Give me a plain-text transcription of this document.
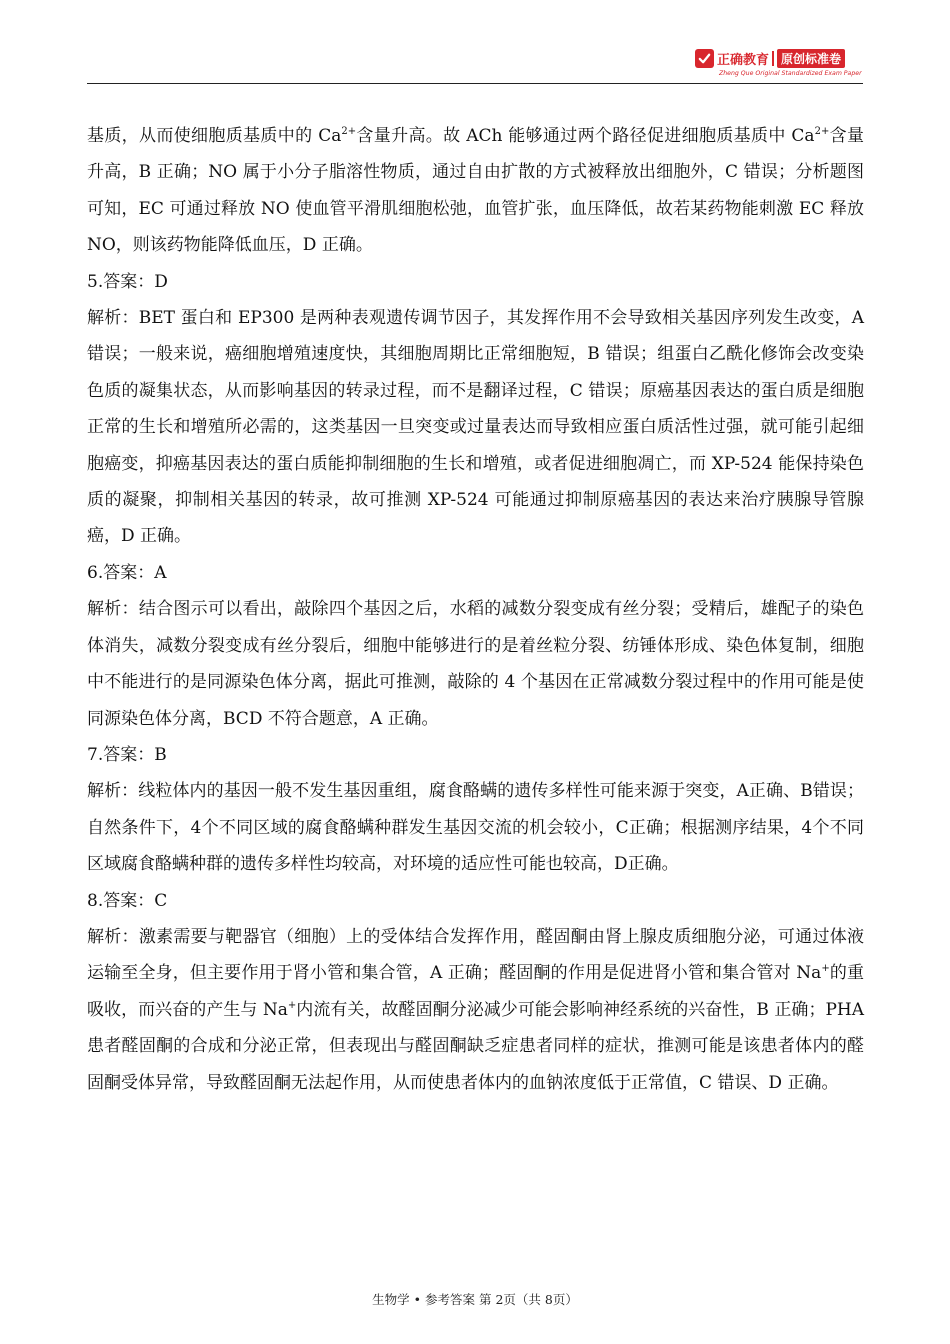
正确教育	原创标准卷
Zheng Que Original Standardized Exam Paper

基质，从而使细胞质基质中的 $Ca^{2+}$含量升高。故 ACh 能够通过两个路径促进细胞质基质中 $Ca^{2+}$含量升高，B 正确；NO 属于小分子脂溶性物质，通过自由扩散的方式被释放出细胞外，C 错误；分析题图可知，EC 可通过释放 NO 使血管平滑肌细胞松弛，血管扩张，血压降低，故若某药物能刺激 EC 释放 NO，则该药物能降低血压，D 正确。

5.答案：D

解析：BET 蛋白和 EP300 是两种表观遗传调节因子，其发挥作用不会导致相关基因序列发生改变，A 错误；一般来说，癌细胞增殖速度快，其细胞周期比正常细胞短，B 错误；组蛋白乙酰化修饰会改变染色质的凝集状态，从而影响基因的转录过程，而不是翻译过程，C 错误；原癌基因表达的蛋白质是细胞正常的生长和增殖所必需的，这类基因一旦突变或过量表达而导致相应蛋白质活性过强，就可能引起细胞癌变，抑癌基因表达的蛋白质能抑制细胞的生长和增殖，或者促进细胞凋亡，而 XP-524 能保持染色质的凝聚，抑制相关基因的转录，故可推测 XP-524 可能通过抑制原癌基因的表达来治疗胰腺导管腺癌，D 正确。

6.答案：A

解析：结合图示可以看出，敲除四个基因之后，水稻的减数分裂变成有丝分裂；受精后，雄配子的染色体消失，减数分裂变成有丝分裂后，细胞中能够进行的是着丝粒分裂、纺锤体形成、染色体复制，细胞中不能进行的是同源染色体分离，据此可推测，敲除的 4 个基因在正常减数分裂过程中的作用可能是使同源染色体分离，BCD 不符合题意，A 正确。

7.答案：B

解析：线粒体内的基因一般不发生基因重组，腐食酪螨的遗传多样性可能来源于突变，A正确、B错误；自然条件下，4个不同区域的腐食酪螨种群发生基因交流的机会较小，C正确；根据测序结果，4个不同区域腐食酪螨种群的遗传多样性均较高，对环境的适应性可能也较高，D正确。

8.答案：C

解析：激素需要与靶器官（细胞）上的受体结合发挥作用，醛固酮由肾上腺皮质细胞分泌，可通过体液运输至全身，但主要作用于肾小管和集合管，A 正确；醛固酮的作用是促进肾小管和集合管对 Na+的重吸收，而兴奋的产生与 Na+内流有关，故醛固酮分泌减少可能会影响神经系统的兴奋性，B 正确；PHA 患者醛固酮的合成和分泌正常，但表现出与醛固酮缺乏症患者同样的症状，推测可能是该患者体内的醛固酮受体异常，导致醛固酮无法起作用，从而使患者体内的血钠浓度低于正常值，C 错误、D 正确。

生物学 • 参考答案 第 2页（共 8页）
